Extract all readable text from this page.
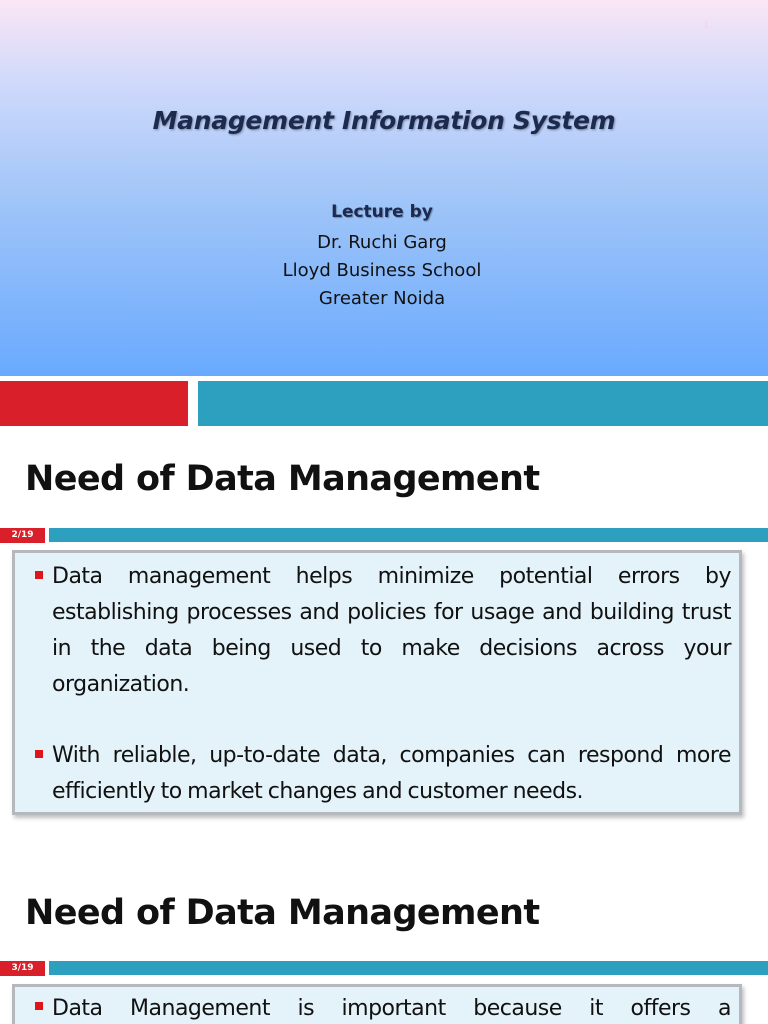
1
Management Information System
Lecture by
Dr. Ruchi Garg
Lloyd Business School
Greater Noida
Need of Data Management
2/19

Data management helps minimize potential errors by establishing processes and policies for usage and building trust in the data being used to make decisions across your organization.

With reliable, up-to-date data, companies can respond more efficiently to market changes and customer needs.

Need of Data Management
3/19

Data Management is important because it offers a
